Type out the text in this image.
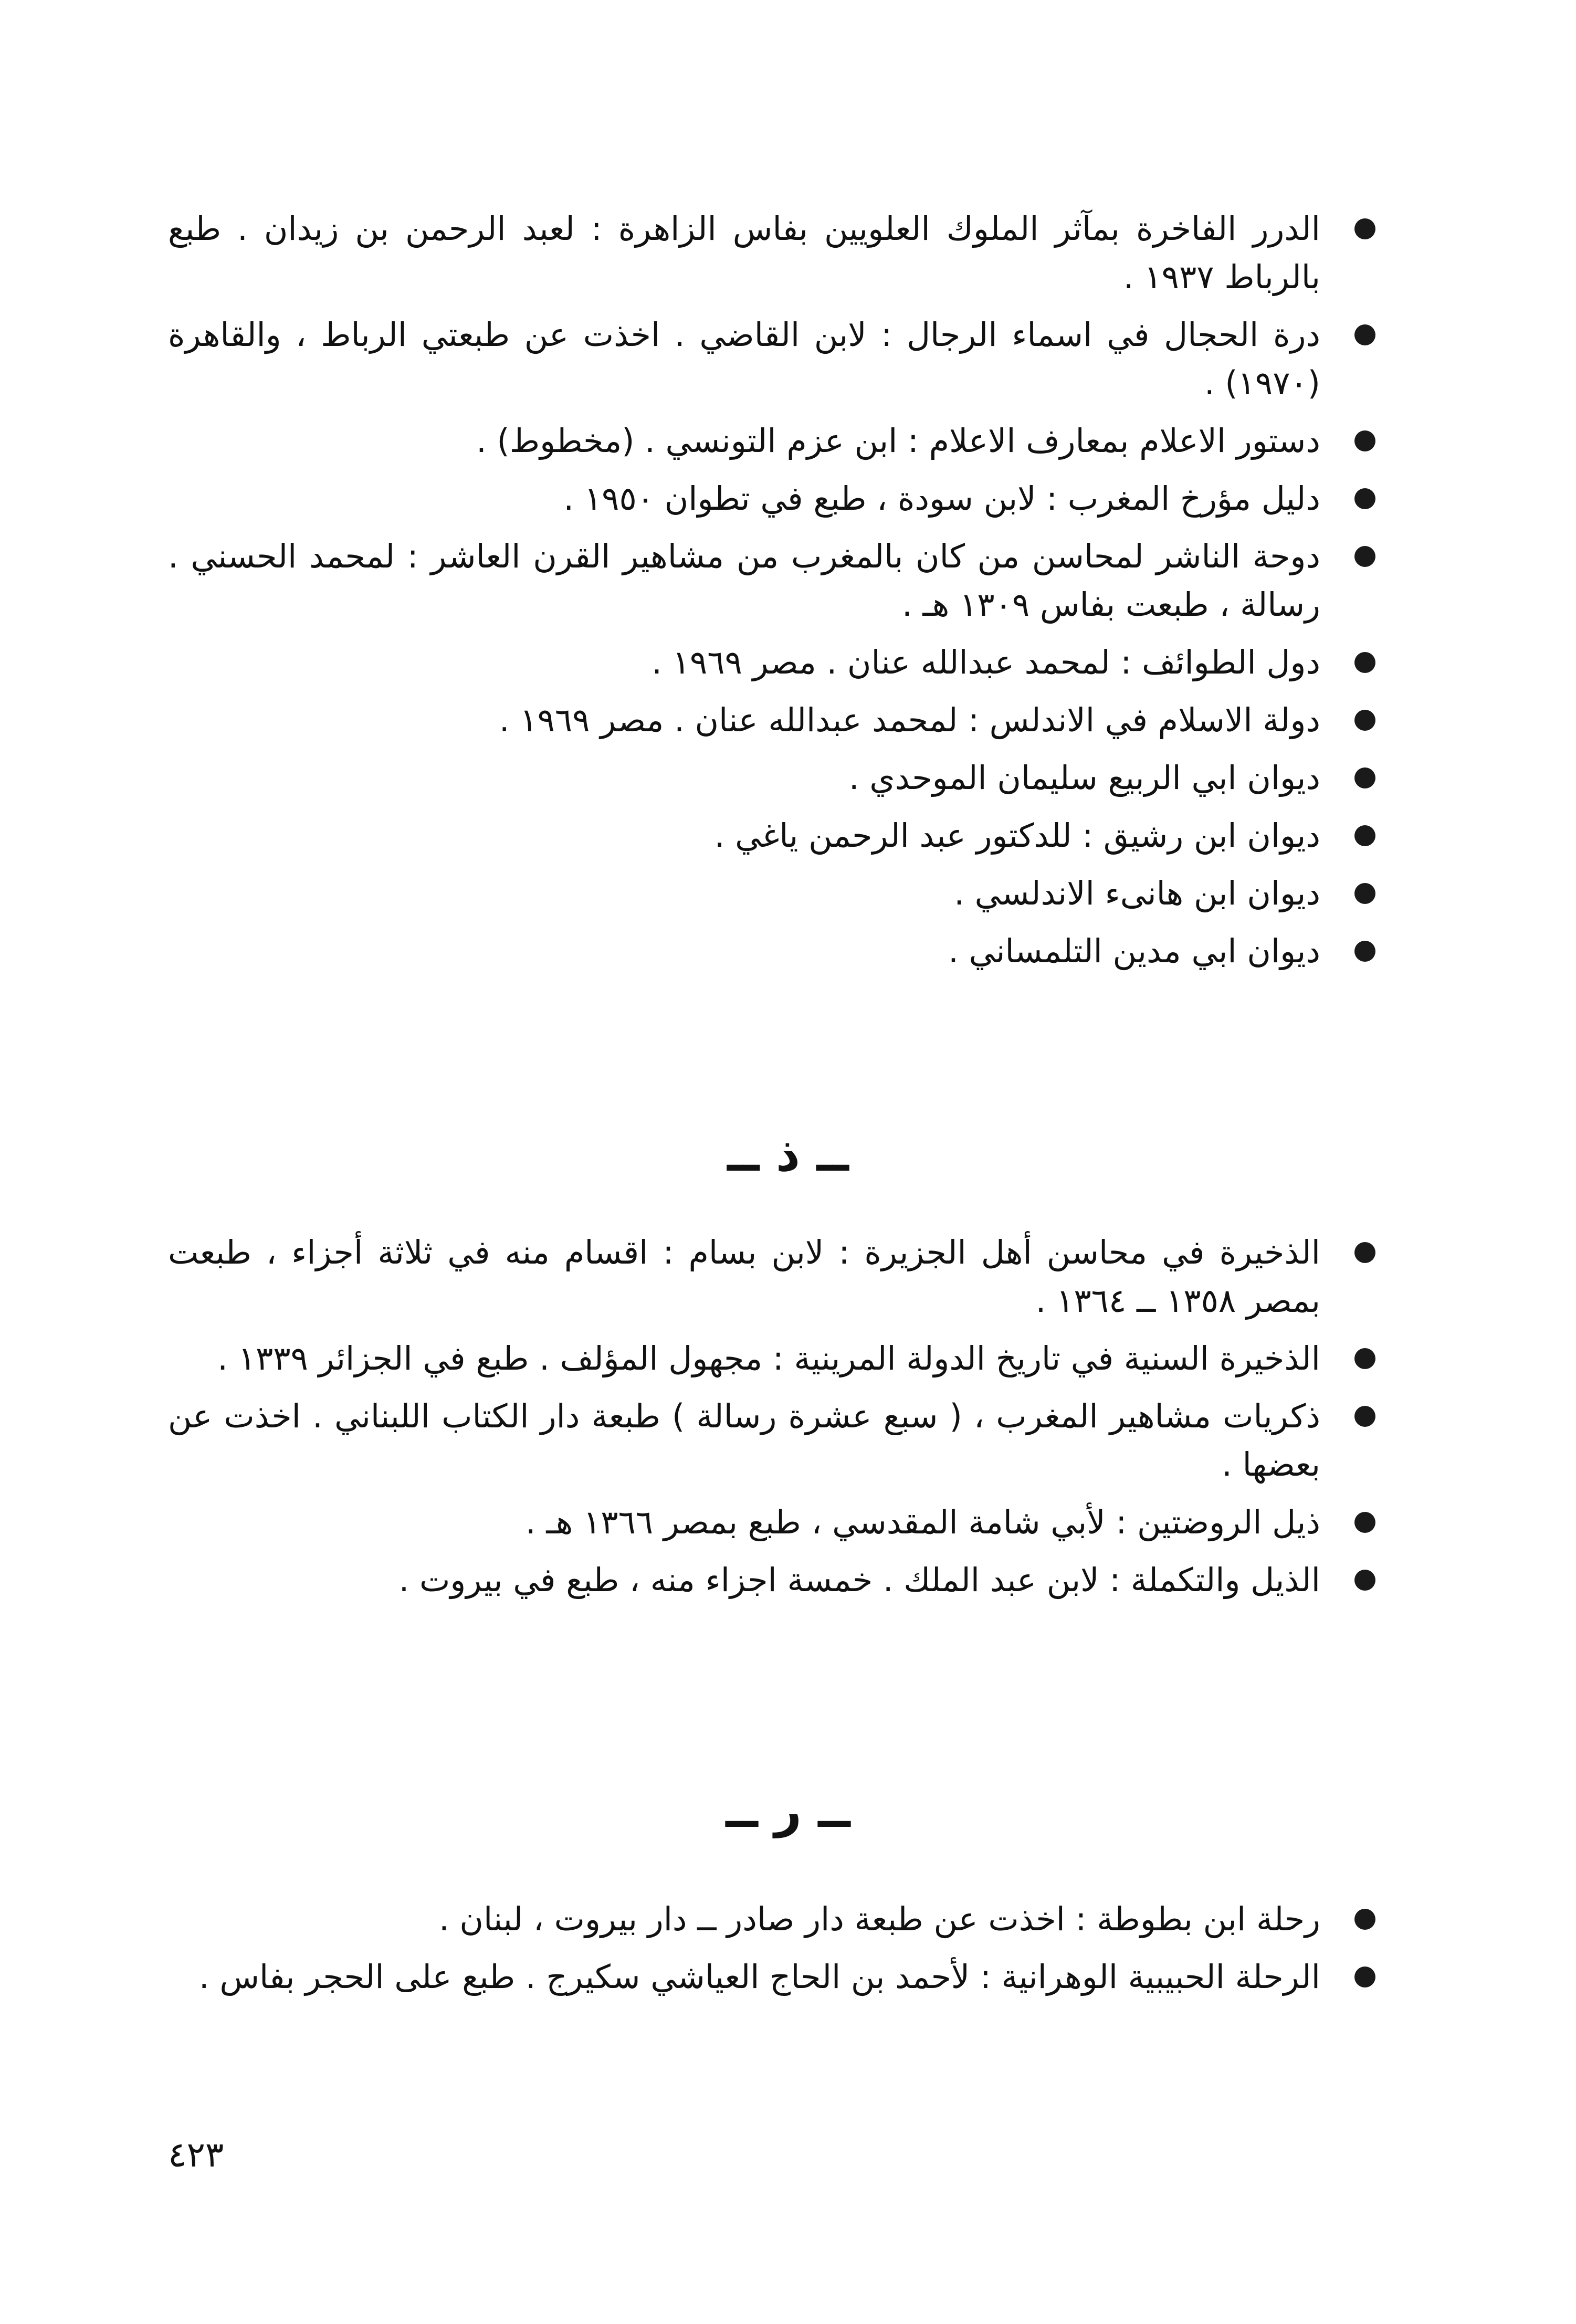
الدرر الفاخرة بمآثر الملوك العلويين بفاس الزاهرة : لعبد الرحمن بن زيدان . طبع بالرباط ١٩٣٧ .
درة الحجال في اسماء الرجال : لابن القاضي . اخذت عن طبعتي الرباط ، والقاهرة (١٩٧٠) .
دستور الاعلام بمعارف الاعلام : ابن عزم التونسي . (مخطوط) .
دليل مؤرخ المغرب : لابن سودة ، طبع في تطوان ١٩٥٠ .
دوحة الناشر لمحاسن من كان بالمغرب من مشاهير القرن العاشر : لمحمد الحسني . رسالة ، طبعت بفاس ١٣٠٩ هـ .
دول الطوائف : لمحمد عبدالله عنان . مصر ١٩٦٩ .
دولة الاسلام في الاندلس : لمحمد عبدالله عنان . مصر ١٩٦٩ .
ديوان ابي الربيع سليمان الموحدي .
ديوان ابن رشيق : للدكتور عبد الرحمن ياغي .
ديوان ابن هانىء الاندلسي .
ديوان ابي مدين التلمساني .
ــ ذ ــ
الذخيرة في محاسن أهل الجزيرة : لابن بسام : اقسام منه في ثلاثة أجزاء ، طبعت بمصر ١٣٥٨ ــ ١٣٦٤ .
الذخيرة السنية في تاريخ الدولة المرينية : مجهول المؤلف . طبع في الجزائر ١٣٣٩ .
ذكريات مشاهير المغرب ، ( سبع عشرة رسالة ) طبعة دار الكتاب اللبناني . اخذت عن بعضها .
ذيل الروضتين : لأبي شامة المقدسي ، طبع بمصر ١٣٦٦ هـ .
الذيل والتكملة : لابن عبد الملك . خمسة اجزاء منه ، طبع في بيروت .
ــ ر ــ
رحلة ابن بطوطة : اخذت عن طبعة دار صادر ــ دار بيروت ، لبنان .
الرحلة الحبيبية الوهرانية : لأحمد بن الحاج العياشي سكيرج . طبع على الحجر بفاس .
٤٢٣
